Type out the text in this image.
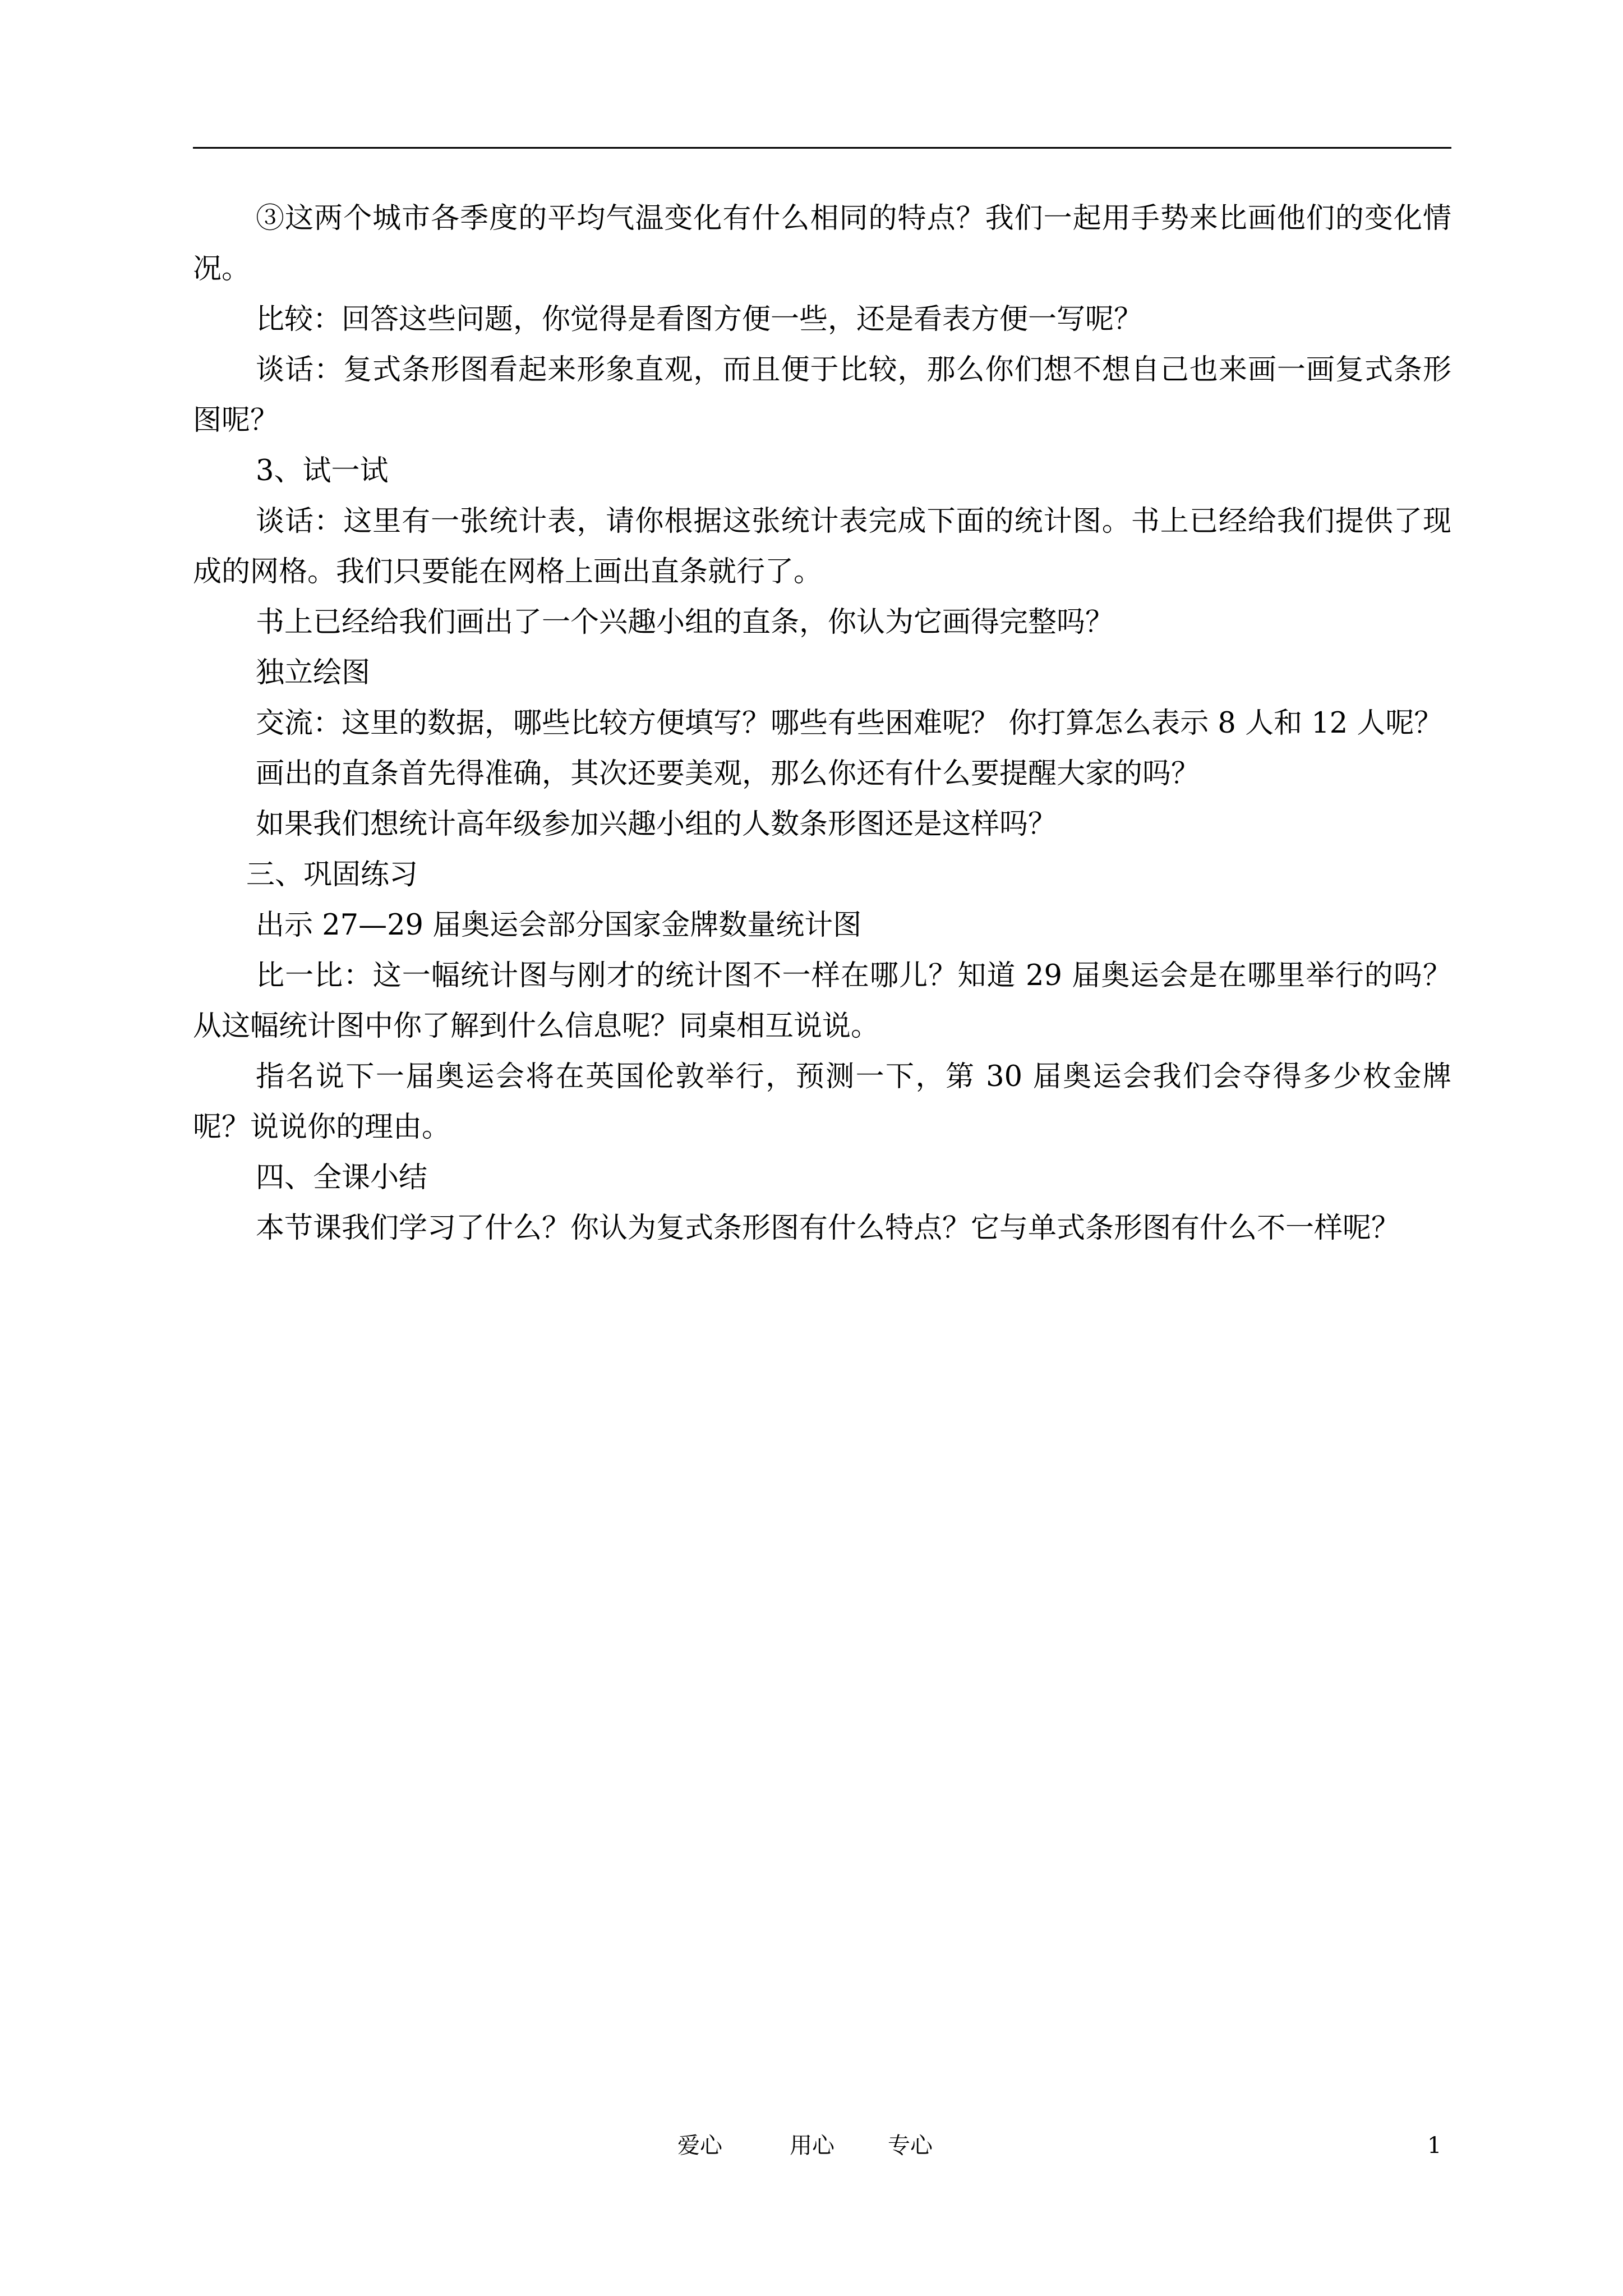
③这两个城市各季度的平均气温变化有什么相同的特点？我们一起用手势来比画他们的变化情况。

比较：回答这些问题，你觉得是看图方便一些，还是看表方便一写呢？

谈话：复式条形图看起来形象直观，而且便于比较，那么你们想不想自己也来画一画复式条形图呢？

3、试一试

谈话：这里有一张统计表，请你根据这张统计表完成下面的统计图。书上已经给我们提供了现成的网格。我们只要能在网格上画出直条就行了。

书上已经给我们画出了一个兴趣小组的直条，你认为它画得完整吗？

独立绘图

交流：这里的数据，哪些比较方便填写？哪些有些困难呢？ 你打算怎么表示 8 人和 12 人呢？

画出的直条首先得准确，其次还要美观，那么你还有什么要提醒大家的吗？

如果我们想统计高年级参加兴趣小组的人数条形图还是这样吗？

三、巩固练习

出示 27—29 届奥运会部分国家金牌数量统计图

比一比：这一幅统计图与刚才的统计图不一样在哪儿？知道 29 届奥运会是在哪里举行的吗？从这幅统计图中你了解到什么信息呢？同桌相互说说。

指名说下一届奥运会将在英国伦敦举行，预测一下，第 30 届奥运会我们会夺得多少枚金牌呢？说说你的理由。

四、全课小结

本节课我们学习了什么？你认为复式条形图有什么特点？它与单式条形图有什么不一样呢？

爱心	用心 专心	1
